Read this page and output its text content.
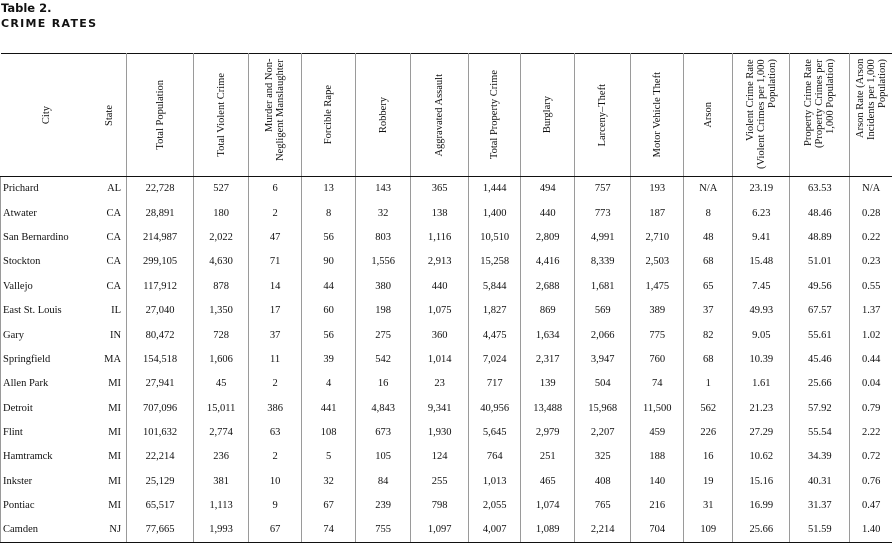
Table 2.
CRIME RATES
City	State	Total Population	Total Violent Crime	Murder and Non-Negligent Manslaughter	Forcible Rape	Robbery	Aggravated Assault	Total Property Crime	Burglary	Larceny–Theft	Motor Vehicle Theft	Arson	Violent Crime Rate (Violent Crimes per 1,000 Population)	Property Crime Rate (Property Crimes per 1,000 Population)	Arson Rate (Arson Incidents per 1,000 Population)

Prichard	AL	22,728	527	6	13	143	365	1,444	494	757	193	N/A	23.19	63.53	N/A
Atwater	CA	28,891	180	2	8	32	138	1,400	440	773	187	8	6.23	48.46	0.28
San Bernardino	CA	214,987	2,022	47	56	803	1,116	10,510	2,809	4,991	2,710	48	9.41	48.89	0.22
Stockton	CA	299,105	4,630	71	90	1,556	2,913	15,258	4,416	8,339	2,503	68	15.48	51.01	0.23
Vallejo	CA	117,912	878	14	44	380	440	5,844	2,688	1,681	1,475	65	7.45	49.56	0.55
East St. Louis	IL	27,040	1,350	17	60	198	1,075	1,827	869	569	389	37	49.93	67.57	1.37
Gary	IN	80,472	728	37	56	275	360	4,475	1,634	2,066	775	82	9.05	55.61	1.02
Springfield	MA	154,518	1,606	11	39	542	1,014	7,024	2,317	3,947	760	68	10.39	45.46	0.44
Allen Park	MI	27,941	45	2	4	16	23	717	139	504	74	1	1.61	25.66	0.04
Detroit	MI	707,096	15,011	386	441	4,843	9,341	40,956	13,488	15,968	11,500	562	21.23	57.92	0.79
Flint	MI	101,632	2,774	63	108	673	1,930	5,645	2,979	2,207	459	226	27.29	55.54	2.22
Hamtramck	MI	22,214	236	2	5	105	124	764	251	325	188	16	10.62	34.39	0.72
Inkster	MI	25,129	381	10	32	84	255	1,013	465	408	140	19	15.16	40.31	0.76
Pontiac	MI	65,517	1,113	9	67	239	798	2,055	1,074	765	216	31	16.99	31.37	0.47
Camden	NJ	77,665	1,993	67	74	755	1,097	4,007	1,089	2,214	704	109	25.66	51.59	1.40
